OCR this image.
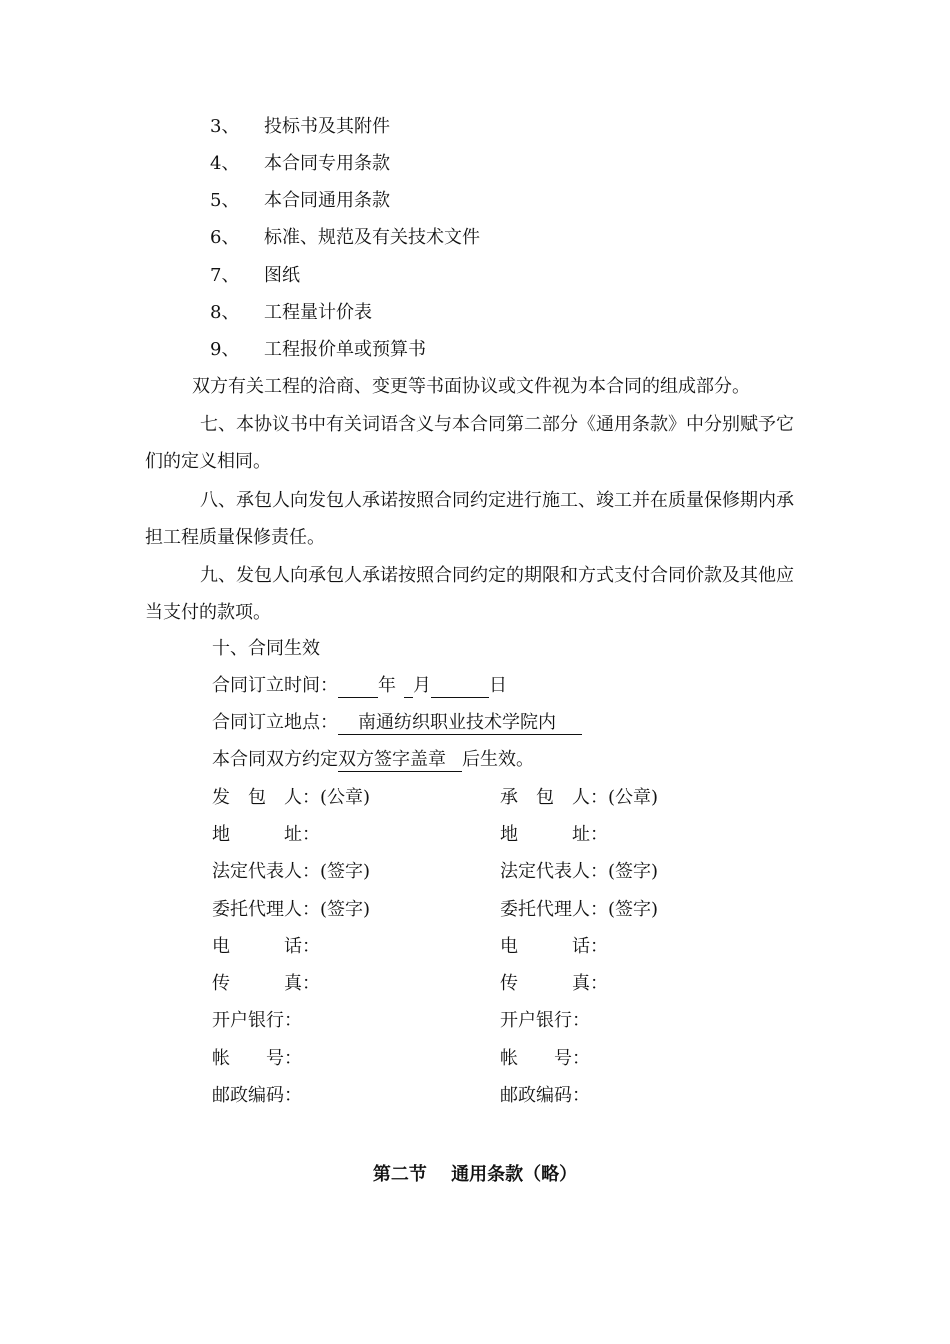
3、 投标书及其附件
4、 本合同专用条款
5、 本合同通用条款
6、 标准、规范及有关技术文件
7、 图纸
8、 工程量计价表
9、 工程报价单或预算书
双方有关工程的洽商、变更等书面协议或文件视为本合同的组成部分。
七、本协议书中有关词语含义与本合同第二部分《通用条款》中分别赋予它们的定义相同。
八、承包人向发包人承诺按照合同约定进行施工、竣工并在质量保修期内承担工程质量保修责任。
九、发包人向承包人承诺按照合同约定的期限和方式支付合同价款及其他应当支付的款项。
十、合同生效
合同订立时间： 年 月	日
合同订立地点： 南通纺织职业技术学院内
本合同双方约定双方签字盖章 后生效。
发　包　人：(公章)
地　　　址：
法定代表人：(签字)
委托代理人：(签字)
电　　　话：
传　　　真：
开户银行：
帐　　号：
邮政编码：
承　包　人：(公章)
地　　　址：
法定代表人：(签字)
委托代理人：(签字)
电　　　话：
传　　　真：
开户银行：
帐　　号：
邮政编码：
第二节　 通用条款（略）
